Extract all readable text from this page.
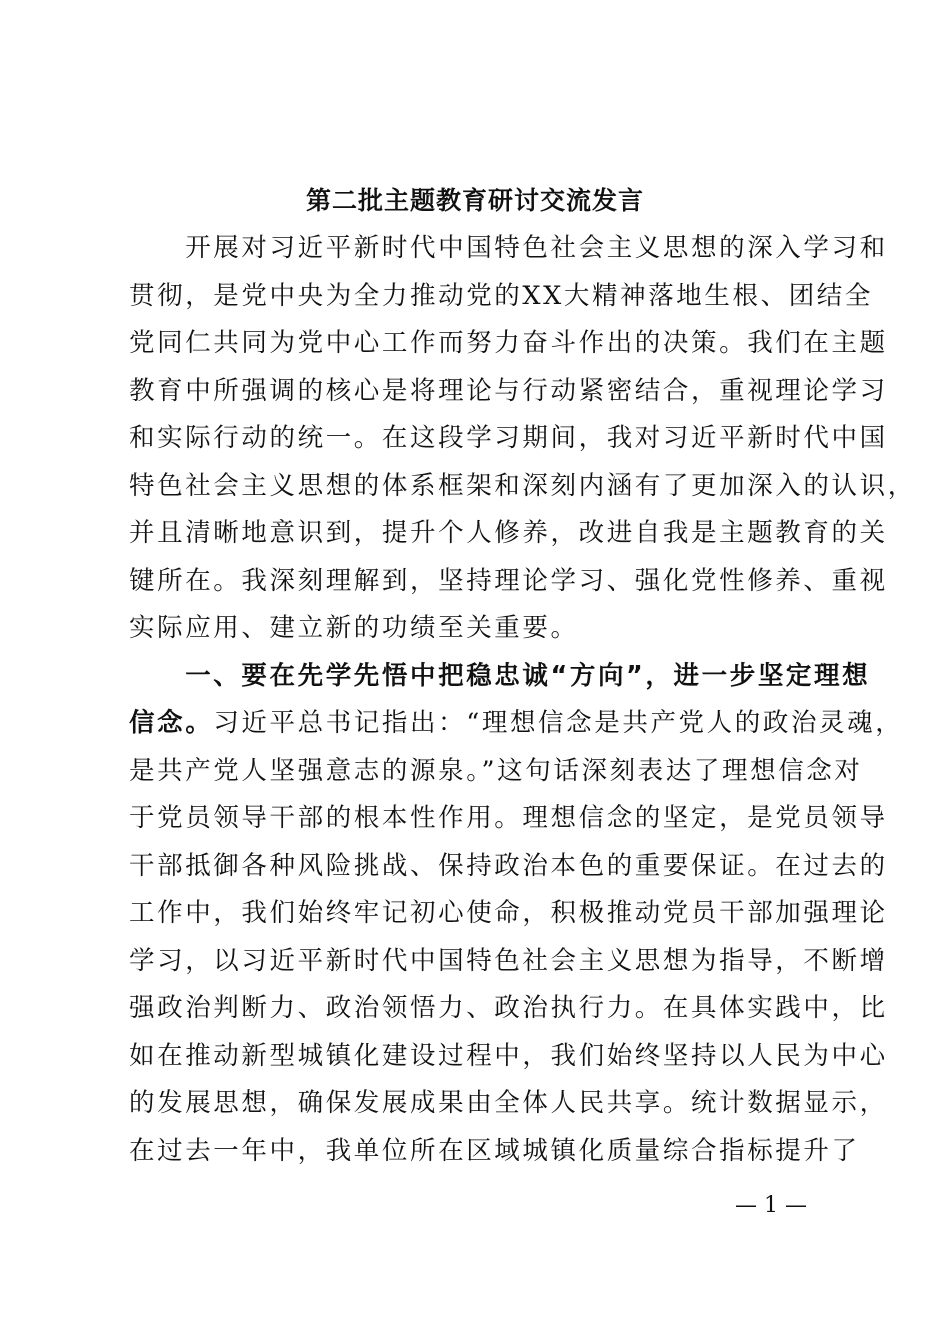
第二批主题教育研讨交流发言
　　开展对习近平新时代中国特色社会主义思想的深入学习和
贯彻，是党中央为全力推动党的XX大精神落地生根、团结全
党同仁共同为党中心工作而努力奋斗作出的决策。我们在主题
教育中所强调的核心是将理论与行动紧密结合，重视理论学习
和实际行动的统一。在这段学习期间，我对习近平新时代中国
特色社会主义思想的体系框架和深刻内涵有了更加深入的认识，
并且清晰地意识到，提升个人修养，改进自我是主题教育的关
键所在。我深刻理解到，坚持理论学习、强化党性修养、重视
实际应用、建立新的功绩至关重要。
　　一、要在先学先悟中把稳忠诚“方向”，进一步坚定理想
信念。习近平总书记指出：“理想信念是共产党人的政治灵魂，
是共产党人坚强意志的源泉。”这句话深刻表达了理想信念对
于党员领导干部的根本性作用。理想信念的坚定，是党员领导
干部抵御各种风险挑战、保持政治本色的重要保证。在过去的
工作中，我们始终牢记初心使命，积极推动党员干部加强理论
学习，以习近平新时代中国特色社会主义思想为指导，不断增
强政治判断力、政治领悟力、政治执行力。在具体实践中，比
如在推动新型城镇化建设过程中，我们始终坚持以人民为中心
的发展思想，确保发展成果由全体人民共享。统计数据显示，
在过去一年中，我单位所在区域城镇化质量综合指标提升了
— 1 —
